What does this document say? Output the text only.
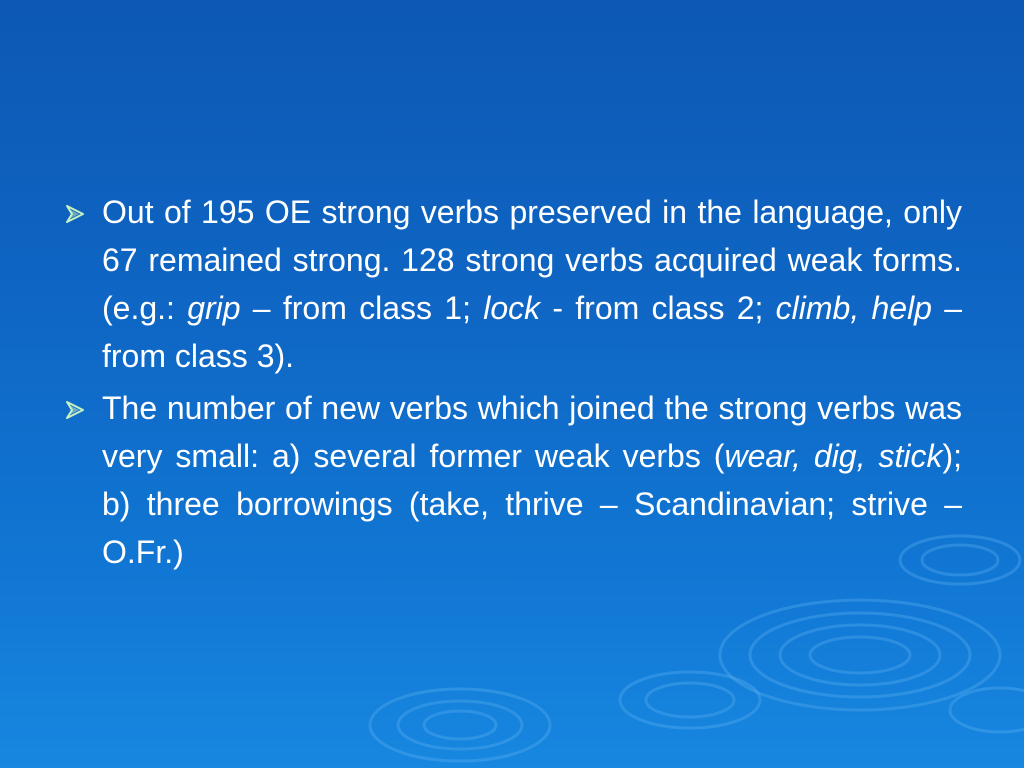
Out of 195 OE strong verbs preserved in the language, only 67 remained strong. 128 strong verbs acquired weak forms. (e.g.: grip – from class 1; lock - from class 2; climb, help – from class 3).

The number of new verbs which joined the strong verbs was very small: a) several former weak verbs (wear, dig, stick); b) three borrowings (take, thrive – Scandinavian; strive – O.Fr.)
